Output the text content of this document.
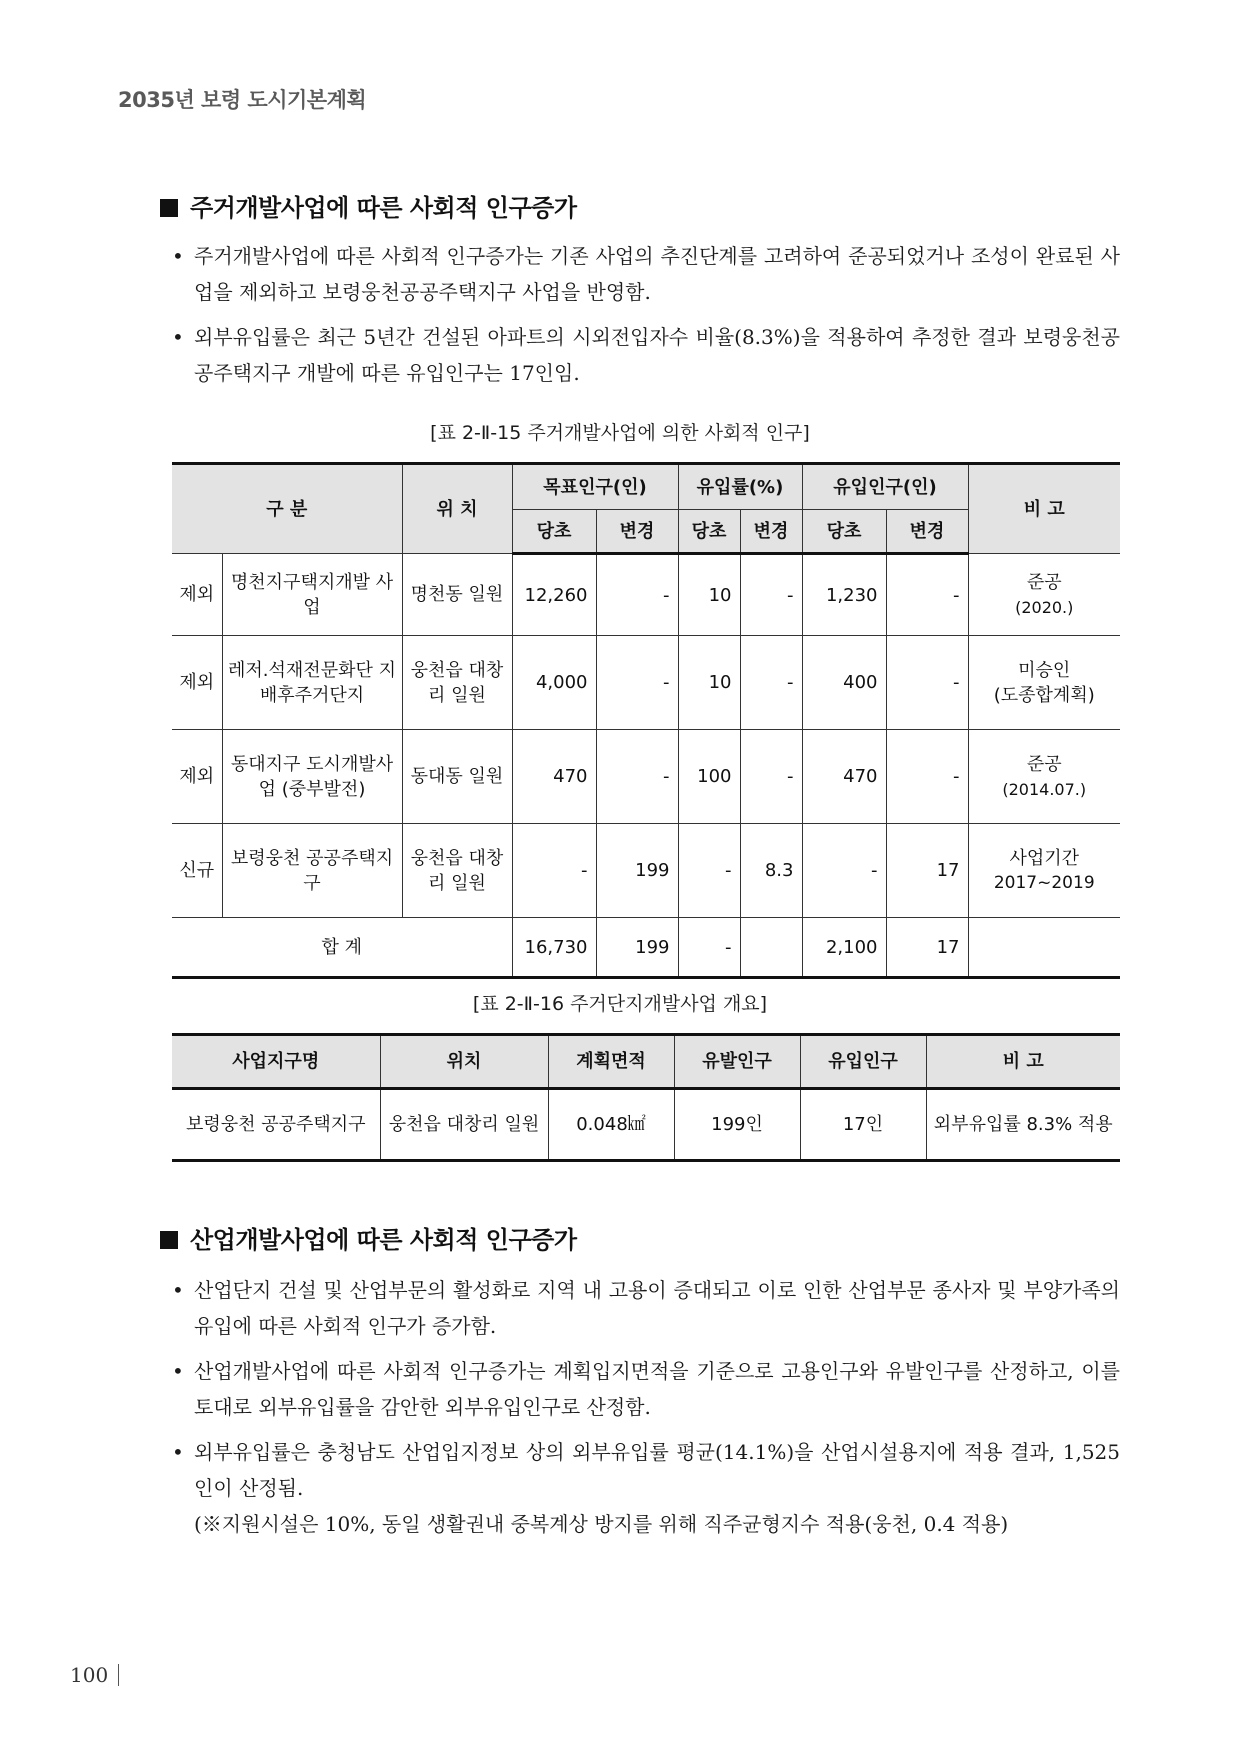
2035년 보령 도시기본계획
주거개발사업에 따른 사회적 인구증가
• 주거개발사업에 따른 사회적 인구증가는 기존 사업의 추진단계를 고려하여 준공되었거나 조성이 완료된 사업을 제외하고 보령웅천공공주택지구 사업을 반영함.
• 외부유입률은 최근 5년간 건설된 아파트의 시외전입자수 비율(8.3%)을 적용하여 추정한 결과 보령웅천공공주택지구 개발에 따른 유입인구는 17인임.
[표 2-Ⅱ-15 주거개발사업에 의한 사회적 인구]
구 분		위 치	목표인구(인)		유입률(%)		유입인구(인)		비 고
			당초	변경	당초	변경	당초	변경	
제외	명천지구택지개발 사업	명천동 일원	12,260	-	10	-	1,230	-	준공
(2020.)

제외	레저.석재전문화단 지 배후주거단지	웅천읍 대창리 일원	4,000	-	10	-	400	-	미승인
(도종합계획)

제외	동대지구 도시개발사업 (중부발전)	동대동 일원	470	-	100	-	470	-	준공
(2014.07.)

신규	보령웅천 공공주택지구	웅천읍 대창리 일원	-	199	-	8.3	-	17	사업기간
2017~2019

합 계			16,730	199	-		2,100	17	
[표 2-Ⅱ-16 주거단지개발사업 개요]
사업지구명	위치	계획면적	유발인구	유입인구	비 고
보령웅천 공공주택지구	웅천읍 대창리 일원	0.048㎢	199인	17인	외부유입률 8.3% 적용
산업개발사업에 따른 사회적 인구증가
• 산업단지 건설 및 산업부문의 활성화로 지역 내 고용이 증대되고 이로 인한 산업부문 종사자 및 부양가족의 유입에 따른 사회적 인구가 증가함.
• 산업개발사업에 따른 사회적 인구증가는 계획입지면적을 기준으로 고용인구와 유발인구를 산정하고, 이를 토대로 외부유입률을 감안한 외부유입인구로 산정함.
• 외부유입률은 충청남도 산업입지정보 상의 외부유입률 평균(14.1%)을 산업시설용지에 적용 결과, 1,525인이 산정됨.
(※지원시설은 10%, 동일 생활권내 중복계상 방지를 위해 직주균형지수 적용(웅천, 0.4 적용)
100
